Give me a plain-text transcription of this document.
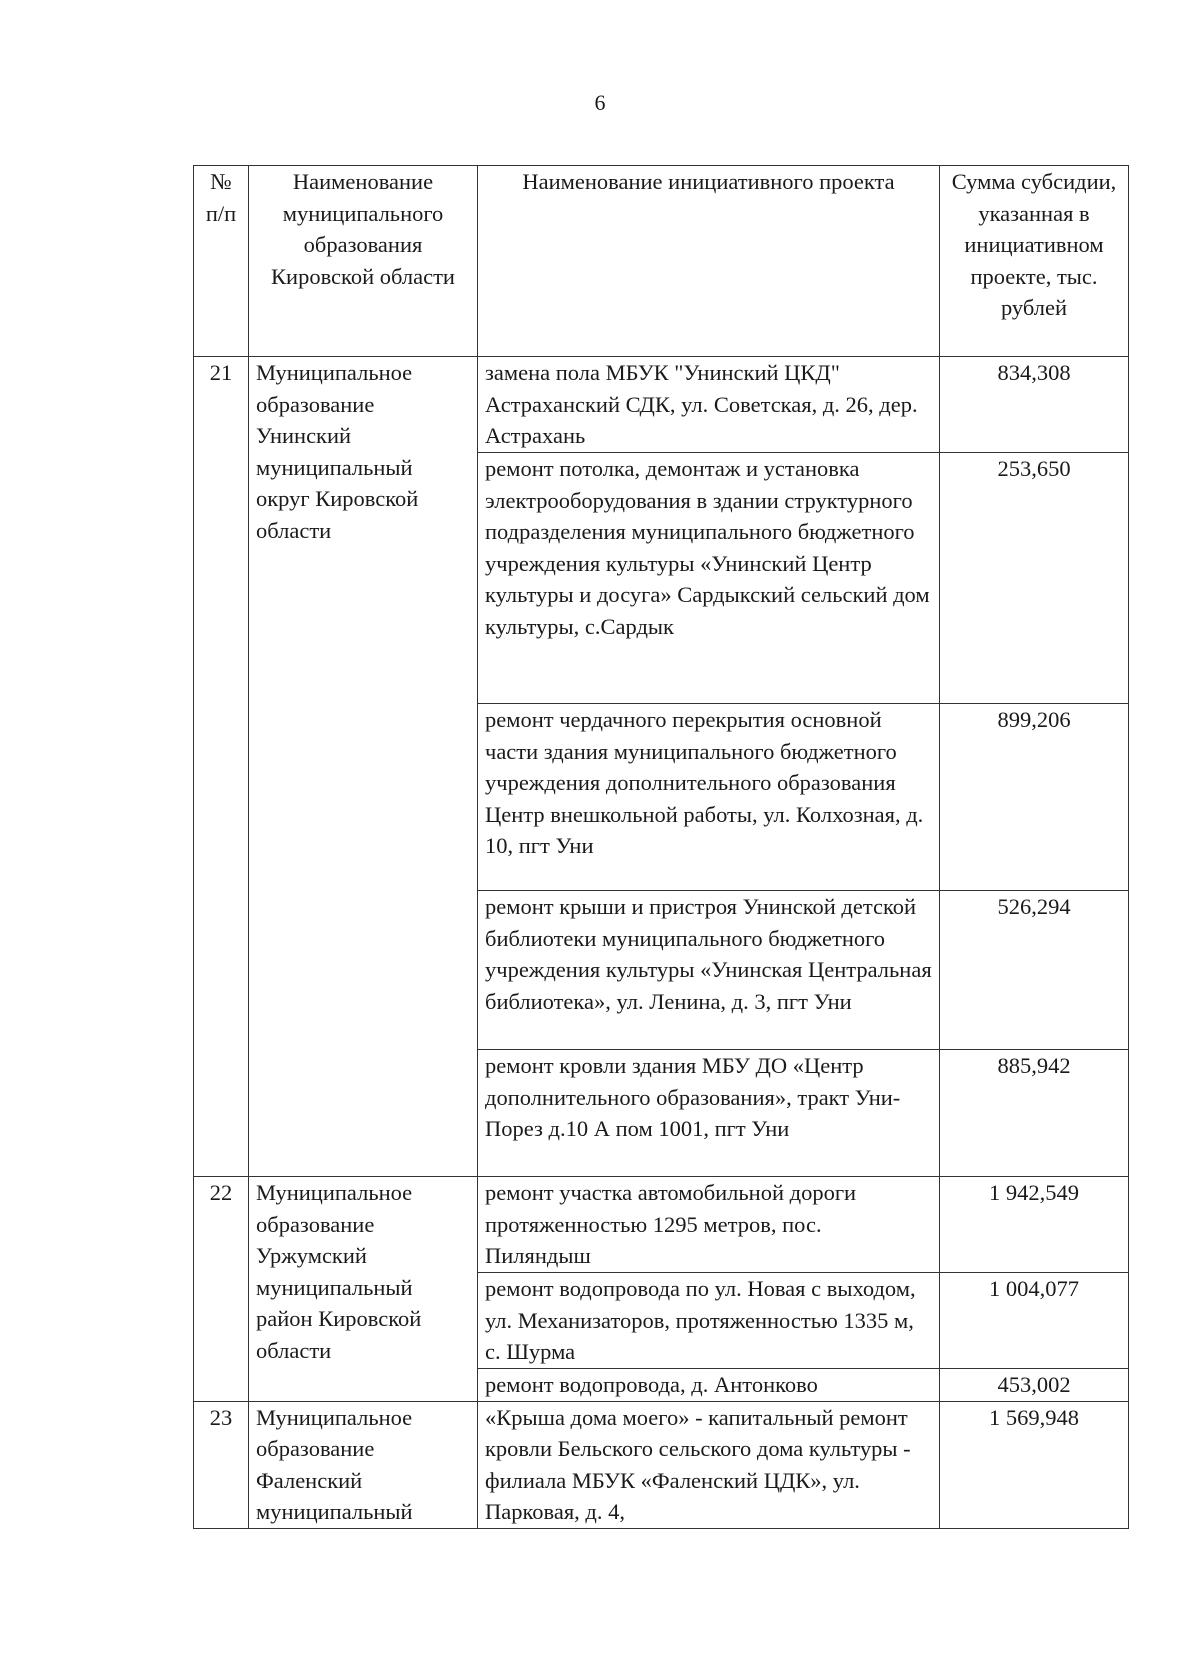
6
№ п/п	Наименование муниципального образования Кировской области	Наименование инициативного проекта	Сумма субсидии, указанная в инициативном проекте, тыс. рублей
21	Муниципальное образование Унинский муниципальный округ Кировской области	замена пола МБУК "Унинский ЦКД" Астраханский СДК, ул. Советская, д. 26, дер. Астрахань	834,308
		ремонт потолка, демонтаж и установка электрооборудования в здании структурного подразделения муниципального бюджетного учреждения культуры «Унинский Центр культуры и досуга» Сардыкский сельский дом культуры, с.Сардык	253,650
		ремонт чердачного перекрытия основной части здания муниципального бюджетного учреждения дополнительного образования Центр внешкольной работы, ул. Колхозная, д. 10, пгт Уни	899,206
		ремонт крыши и пристроя Унинской детской библиотеки муниципального бюджетного учреждения культуры «Унинская Центральная библиотека», ул. Ленина, д. 3, пгт Уни	526,294
		ремонт кровли здания МБУ ДО «Центр дополнительного образования», тракт Уни-Порез д.10 А пом 1001, пгт Уни	885,942
22	Муниципальное образование Уржумский муниципальный район Кировской области	ремонт участка автомобильной дороги протяженностью 1295 метров, пос. Пиляндыш	1 942,549
		ремонт водопровода по ул. Новая с выходом, ул. Механизаторов, протяженностью 1335 м, с. Шурма	1 004,077
		ремонт водопровода, д. Антонково	453,002
23	Муниципальное образование Фаленский муниципальный	«Крыша дома моего» - капитальный ремонт кровли Бельского сельского дома культуры - филиала МБУК «Фаленский ЦДК», ул. Парковая, д. 4,	1 569,948
